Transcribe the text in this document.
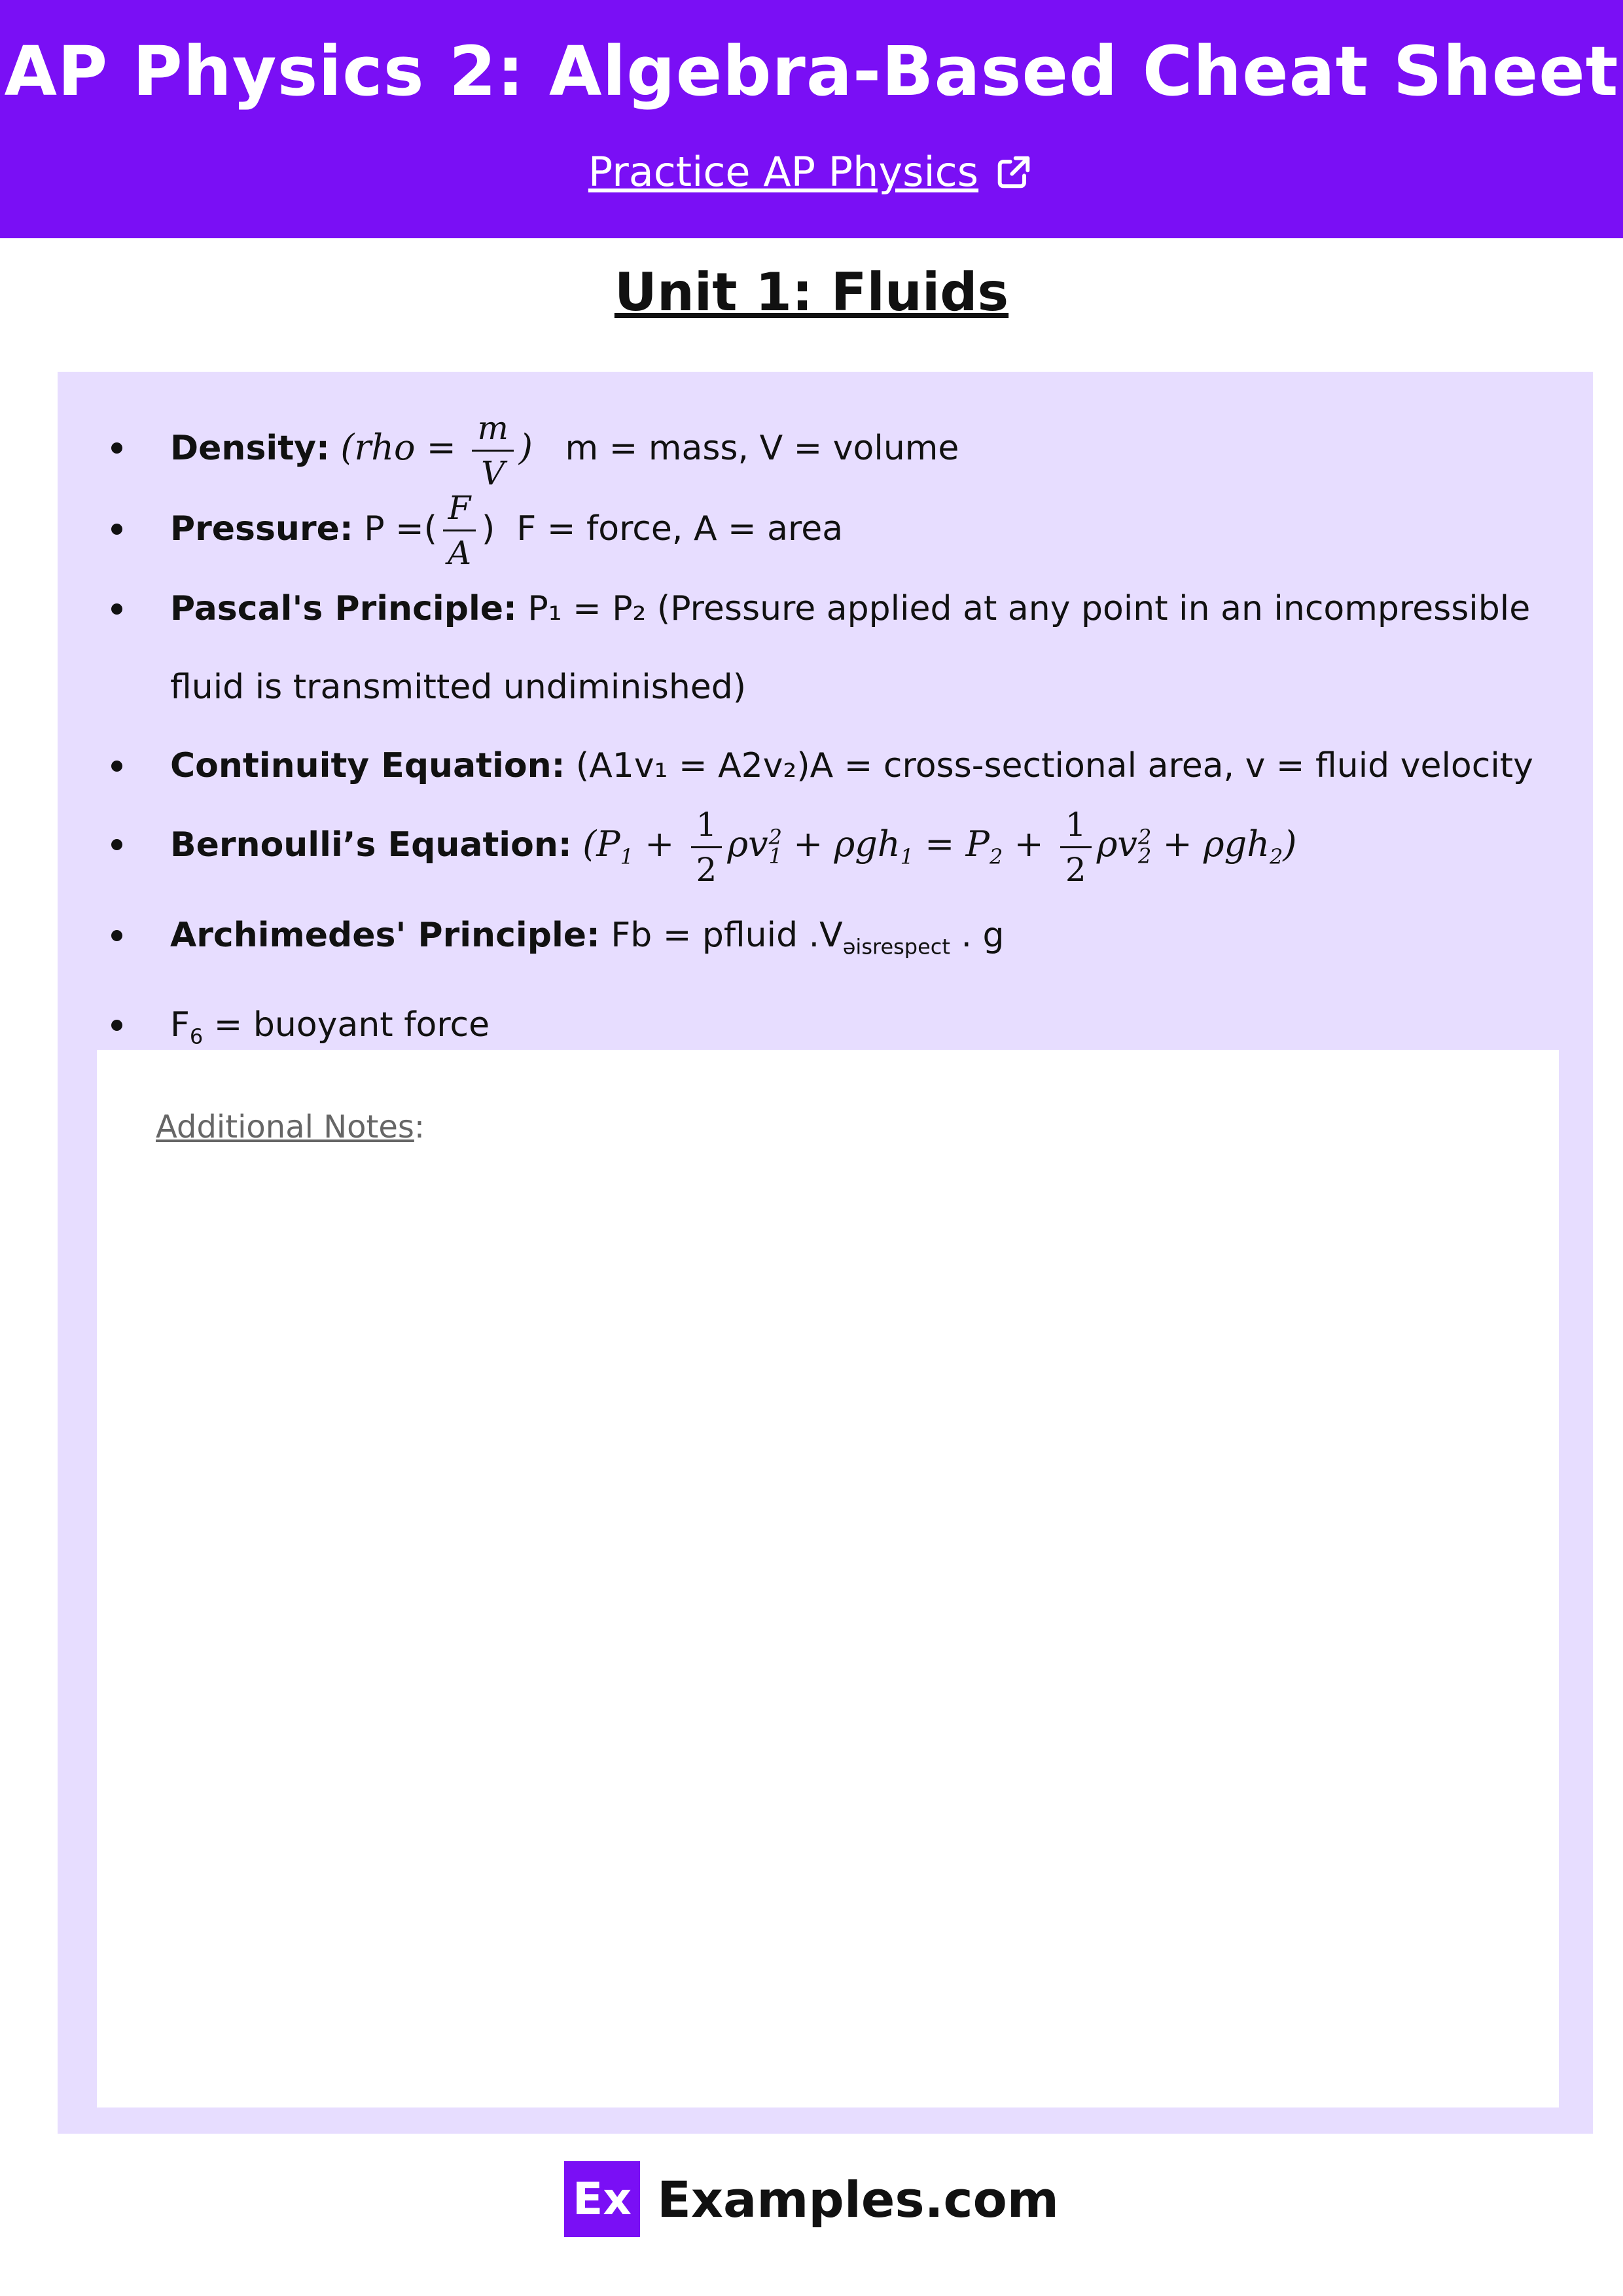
AP Physics 2: Algebra-Based Cheat Sheet
Practice AP Physics
Unit 1: Fluids
Density: ($rho = \frac{m}{V}$ ) m = mass, V = volume
Pressure: P =( $\frac{F}{A}$ ) F = force, A = area
Pascal's Principle: P₁ = P₂ (Pressure applied at any point in an incompressible fluid is transmitted undiminished)
Continuity Equation: (A1v₁ = A2v₂)A = cross-sectional area, v = fluid velocity
Bernoulli’s Equation: ($P_1 + \frac{1}{2}$ ρv 2
$1 + \rho gh_1 = P_2 + \frac{1}{2}$ ρv 2
2 + ρgh$_2$)
Archimedes' Principle: Fb = pfluid $.V_{əisrespect}$ . g
$F_6$ = buoyant force
Additional Notes:
Ex Examples.com
